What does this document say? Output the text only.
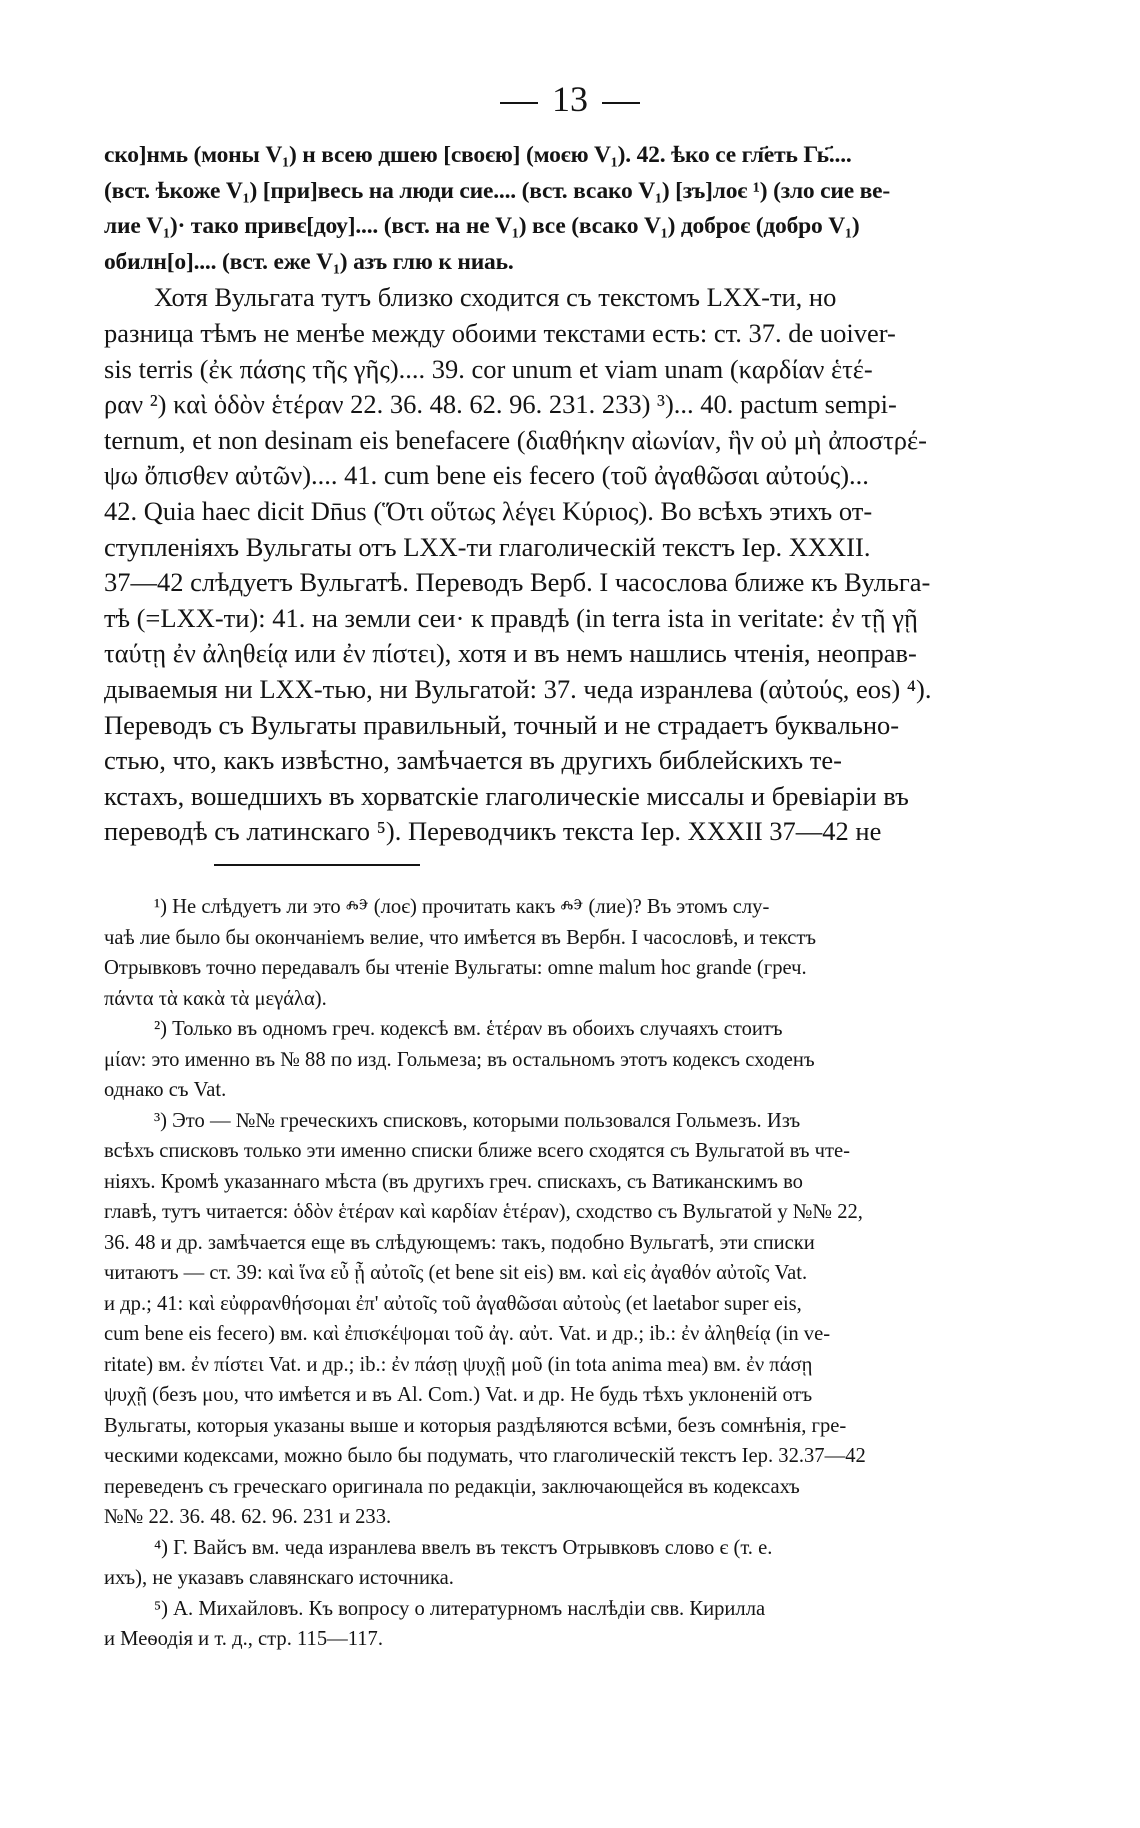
13
ско]нмь (моны V₁) н всею дшею [своєю] (моєю V₁). 42. ѣко се гл҃еть Гь҃....
(вст. ѣкоже V₁) [при]весь на люди сие.... (вст. всако V₁) [зъ]лоє ¹) (зло сие ве-
лие V₁)· тако привє[доу].... (вст. на не V₁) все (всако V₁) доброє (добро V₁)
обилн[о].... (вст. еже V₁) азъ глю к ниаь.
Хотя Вульгата тутъ близко сходится съ текстомъ LXX-ти, но
разница тѣмъ не менѣе между обоими текстами есть: ст. 37. de uoiver-
sis terris (ἐκ πάσης τῆς γῆς).... 39. cor unum et viam unam (καρδίαν ἑτέ-
ραν ²) καὶ ὁδὸν ἑτέραν 22. 36. 48. 62. 96. 231. 233) ³)... 40. pactum sempi-
ternum, et non desinam eis benefacere (διαθήκην αἰωνίαν, ἣν οὐ μὴ ἀποστρέ-
ψω ὄπισθεν αὐτῶν).... 41. cum bene eis fecero (τοῦ ἀγαθῶσαι αὐτούς)...
42. Quia haec dicit Dn̄us (Ὅτι οὕτως λέγει Κύριος). Во всѣхъ этихъ от-
ступленіяхъ Вульгаты отъ LXX-ти глаголическій текстъ Iер. XXXII.
37—42 слѣдуетъ Вульгатѣ. Переводъ Верб. I часослова ближе къ Вульга-
тѣ (=LXX-ти): 41. на земли сеи· к правдѣ (in terra ista in veritate: ἐν τῇ γῇ
ταύτῃ ἐν ἀληθείᾳ или ἐν πίστει), хотя и въ немъ нашлись чтенія, неоправ-
дываемыя ни LXX-тью, ни Вульгатой: 37. чеда изранлева (αὐτούς, eos) ⁴).
Переводъ съ Вульгаты правильный, точный и не страдаетъ буквально-
стью, что, какъ извѣстно, замѣчается въ другихъ библейскихъ те-
кстахъ, вошедшихъ въ хорватскіе глаголическіе миссалы и бревіаріи въ
переводѣ съ латинскаго ⁵). Переводчикъ текста Iер. XXXII 37—42 не
¹) Не слѣдуетъ ли это ⰾⰵ (лоє) прочитать какъ ⰾⰵ (лие)? Въ этомъ слу-
чаѣ лие было бы окончаніемъ велие, что имѣется въ Вербн. I часословѣ, и текстъ
Отрывковъ точно передавалъ бы чтеніе Вульгаты: omne malum hoc grande (греч.
πάντα τὰ κακὰ τὰ μεγάλα).
²) Только въ одномъ греч. кодексѣ вм. ἑτέραν въ обоихъ случаяхъ стоитъ
μίαν: это именно въ № 88 по изд. Гольмеза; въ остальномъ этотъ кодексъ сходенъ
однако съ Vat.
³) Это — №№ греческихъ списковъ, которыми пользовался Гольмезъ. Изъ
всѣхъ списковъ только эти именно списки ближе всего сходятся съ Вульгатой въ чте-
ніяхъ. Кромѣ указаннаго мѣста (въ другихъ греч. спискахъ, съ Ватиканскимъ во
главѣ, тутъ читается: ὁδὸν ἑτέραν καὶ καρδίαν ἑτέραν), сходство съ Вульгатой у №№ 22,
36. 48 и др. замѣчается еще въ слѣдующемъ: такъ, подобно Вульгатѣ, эти списки
читаютъ — ст. 39: καὶ ἵνα εὖ ᾖ αὐτοῖς (et bene sit eis) вм. καὶ εἰς ἀγαθόν αὐτοῖς Vat.
и др.; 41: καὶ εὐφρανθήσομαι ἐπ' αὐτοῖς τοῦ ἀγαθῶσαι αὐτοὺς (et laetabor super eis,
cum bene eis fecero) вм. καὶ ἐπισκέψομαι τοῦ ἀγ. αὐτ. Vat. и др.; ib.: ἐν ἀληθείᾳ (in ve-
ritate) вм. ἐν πίστει Vat. и др.; ib.: ἐν πάσῃ ψυχῇ μοῦ (in tota anima mea) вм. ἐν πάσῃ
ψυχῇ (безъ μου, что имѣется и въ Al. Com.) Vat. и др. Не будь тѣхъ уклоненій отъ
Вульгаты, которыя указаны выше и которыя раздѣляются всѣми, безъ сомнѣнія, гре-
ческими кодексами, можно было бы подумать, что глаголическій текстъ Iер. 32.37—42
переведенъ съ греческаго оригинала по редакціи, заключающейся въ кодексахъ
№№ 22. 36. 48. 62. 96. 231 и 233.
⁴) Г. Вайсъ вм. чеда изранлева ввелъ въ текстъ Отрывковъ слово є (т. е.
ихъ), не указавъ славянскаго источника.
⁵) А. Михайловъ. Къ вопросу о литературномъ наслѣдіи свв. Кирилла
и Меѳодія и т. д., стр. 115—117.
